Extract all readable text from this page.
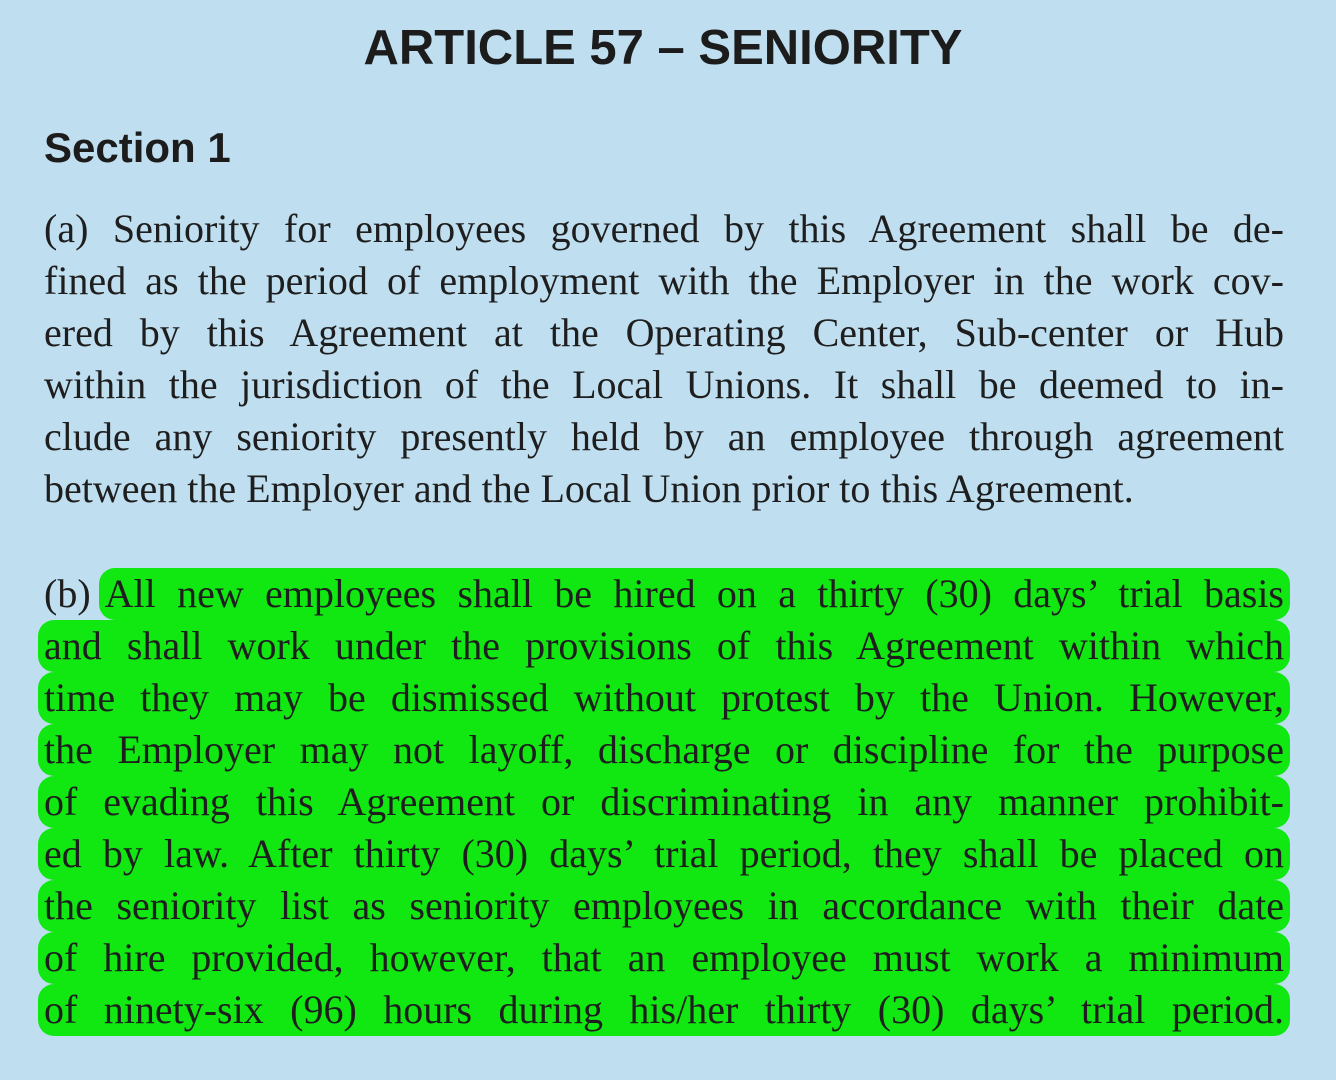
ARTICLE 57 – SENIORITY
Section 1
(a) Seniority for employees governed by this Agreement shall be de-
fined as the period of employment with the Employer in the work cov-
ered by this Agreement at the Operating Center, Sub-center or Hub
within the jurisdiction of the Local Unions. It shall be deemed to in-
clude any seniority presently held by an employee through agreement
between the Employer and the Local Union prior to this Agreement.
(b) All new employees shall be hired on a thirty (30) days’ trial basis
and shall work under the provisions of this Agreement within which
time they may be dismissed without protest by the Union. However,
the Employer may not layoff, discharge or discipline for the purpose
of evading this Agreement or discriminating in any manner prohibit-
ed by law. After thirty (30) days’ trial period, they shall be placed on
the seniority list as seniority employees in accordance with their date
of hire provided, however, that an employee must work a minimum
of ninety-six (96) hours during his/her thirty (30) days’ trial period.
